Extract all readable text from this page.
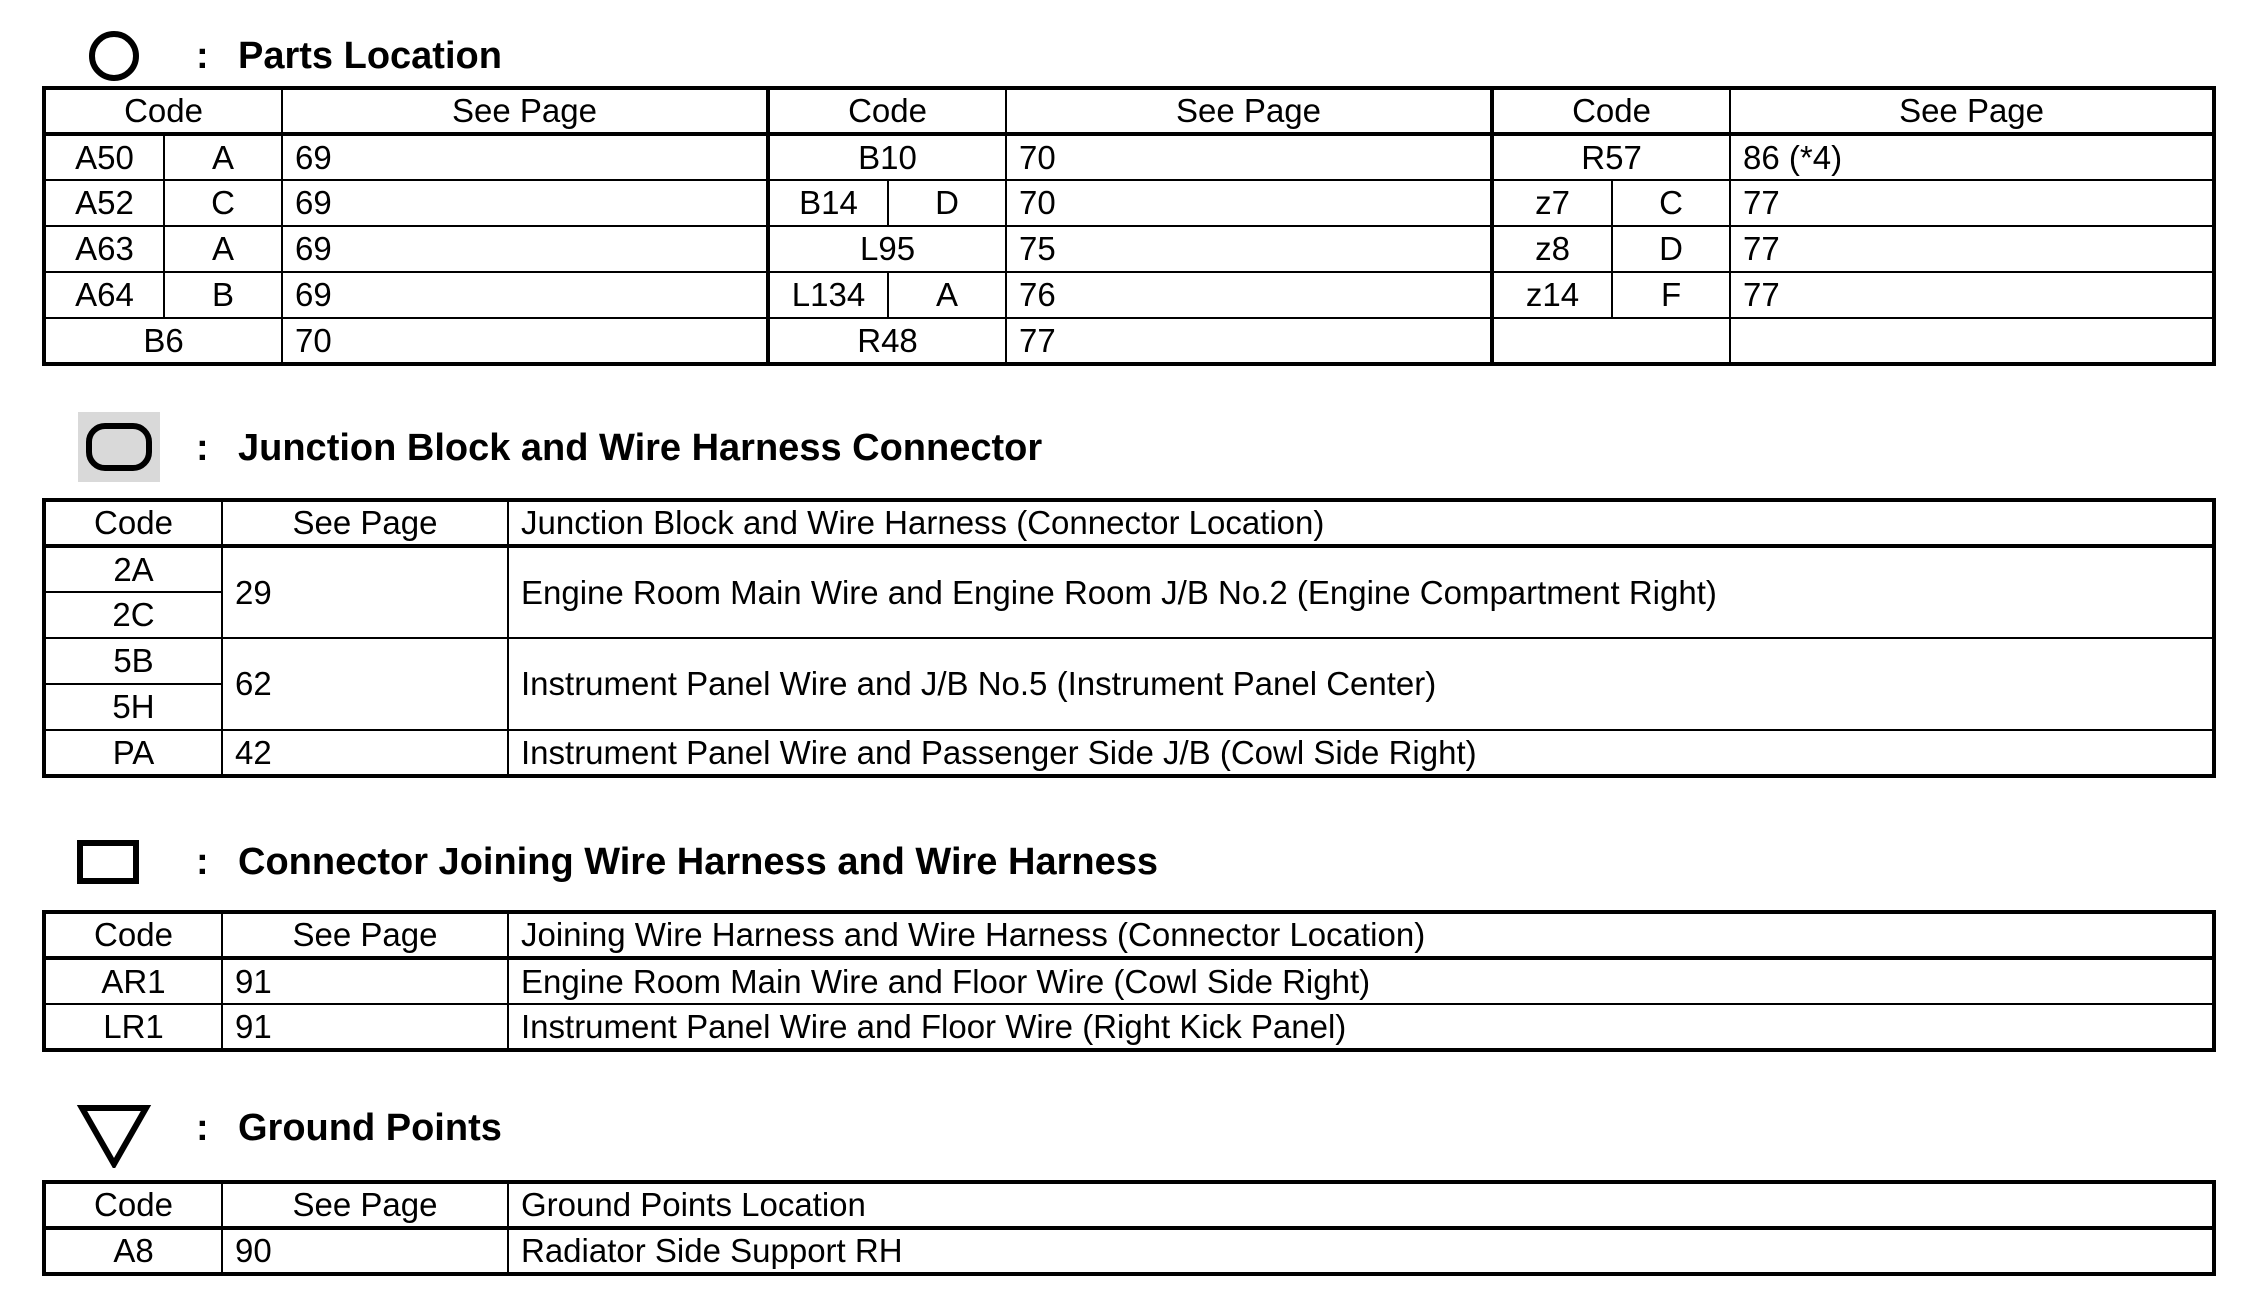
: Parts Location
Code		See Page	Code		See Page	Code		See Page
A50	A	69	B10		70	R57		86 (*4)
A52	C	69	B14	D	70	z7	C	77
A63	A	69	L95		75	z8	D	77
A64	B	69	L134	A	76	z14	F	77
B6		70	R48		77			
: Junction Block and Wire Harness Connector
Code	See Page	Junction Block and Wire Harness (Connector Location)
2A	29	Engine Room Main Wire and Engine Room J/B No.2 (Engine Compartment Right)
2C		
5B	62	Instrument Panel Wire and J/B No.5 (Instrument Panel Center)
5H		
PA	42	Instrument Panel Wire and Passenger Side J/B (Cowl Side Right)
: Connector Joining Wire Harness and Wire Harness
Code	See Page	Joining Wire Harness and Wire Harness (Connector Location)
AR1	91	Engine Room Main Wire and Floor Wire (Cowl Side Right)
LR1	91	Instrument Panel Wire and Floor Wire (Right Kick Panel)
: Ground Points
Code	See Page	Ground Points Location
A8	90	Radiator Side Support RH
